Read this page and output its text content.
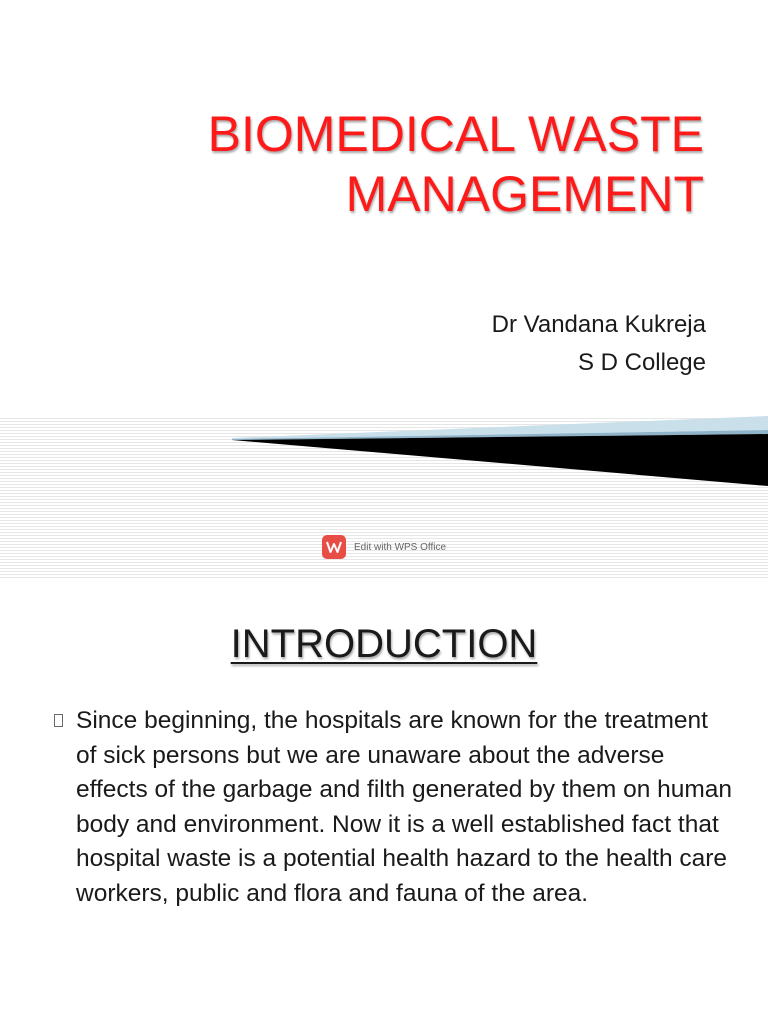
BIOMEDICAL WASTE
MANAGEMENT
Dr Vandana Kukreja
S D College
Edit with WPS Office
INTRODUCTION

Since beginning, the hospitals are known for the treatment of sick persons but we are unaware about the adverse effects of the garbage and filth generated by them on human body and environment. Now it is a well established fact that hospital waste is a potential health hazard to the health care workers, public and flora and fauna of the area.
